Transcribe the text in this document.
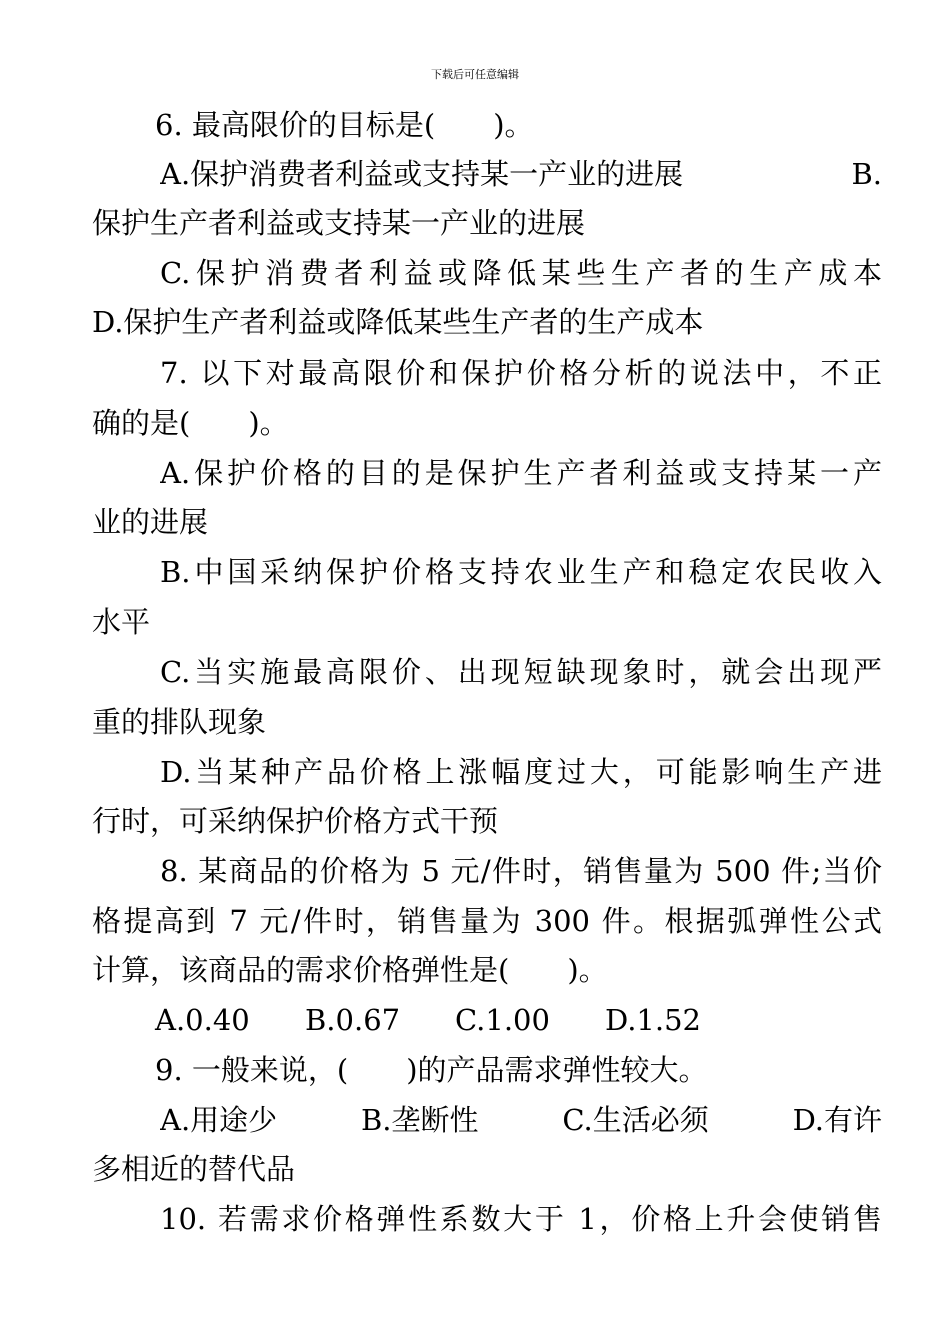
下载后可任意编辑
6. 最高限价的目标是(　　)。
A.保护消费者利益或支持某一产业的进展	B.
保护生产者利益或支持某一产业的进展
C.保护消费者利益或降低某些生产者的生产成本
D.保护生产者利益或降低某些生产者的生产成本
7. 以下对最高限价和保护价格分析的说法中，不正
确的是(　　)。
A.保护价格的目的是保护生产者利益或支持某一产
业的进展
B.中国采纳保护价格支持农业生产和稳定农民收入
水平
C.当实施最高限价、出现短缺现象时，就会出现严
重的排队现象
D.当某种产品价格上涨幅度过大，可能影响生产进
行时，可采纳保护价格方式干预
8. 某商品的价格为 5 元/件时，销售量为 500 件;当价
格提高到 7 元/件时，销售量为 300 件。根据弧弹性公式
计算，该商品的需求价格弹性是(　　)。
A.0.40 B.0.67 C.1.00 D.1.52
9. 一般来说，(　　)的产品需求弹性较大。
A.用途少	B.垄断性	C.生活必须	D.有许
多相近的替代品
10. 若需求价格弹性系数大于 1，价格上升会使销售
